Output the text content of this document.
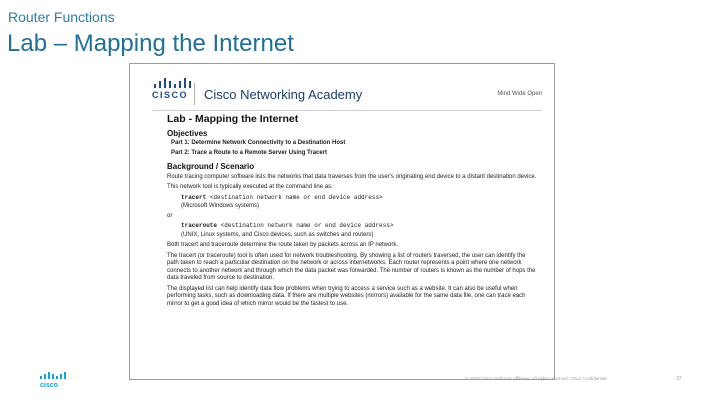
Router Functions
Lab – Mapping the Internet
CISCO Cisco Networking Academy	Mind Wide Open
Lab - Mapping the Internet
Objectives
Part 1: Determine Network Connectivity to a Destination Host
Part 2: Trace a Route to a Remote Server Using Tracert
Background / Scenario
Route tracing computer software lists the networks that data traverses from the user's originating end device to a distant destination device.
This network tool is typically executed at the command line as:
tracert <destination network name or end device address>
(Microsoft Windows systems)
or
traceroute <destination network name or end device address>
(UNIX, Linux systems, and Cisco devices, such as switches and routers)
Both tracert and traceroute determine the route taken by packets across an IP network.
The tracert (or traceroute) tool is often used for network troubleshooting. By showing a list of routers traversed, the user can identify the path taken to reach a particular destination on the network or across internetworks. Each router represents a point where one network connects to another network and through which the data packet was forwarded. The number of routers is known as the number of hops the data traveled from source to destination.
The displayed list can help identify data flow problems when trying to access a service such as a website. It can also be useful when performing tasks, such as downloading data. If there are multiple websites (mirrors) available for the same data file, one can trace each mirror to get a good idea of which mirror would be the fastest to use.
cisco
© 2016 Cisco and/or its affiliates. All rights reserved. Cisco Confidential	37
